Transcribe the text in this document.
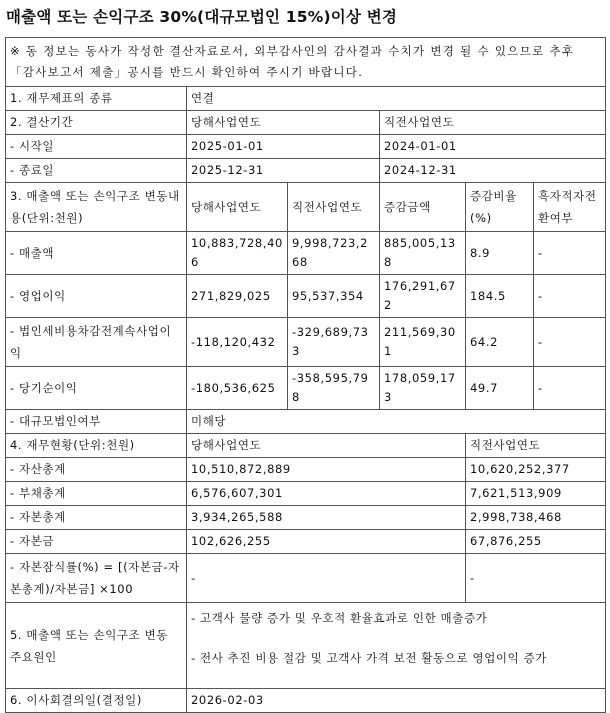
매출액 또는 손익구조 30%(대규모법인 15%)이상 변경
※ 동 정보는 동사가 작성한 결산자료로서, 외부감사인의 감사결과 수치가 변경 될 수 있으므로 추후 「감사보고서 제출」공시를 반드시 확인하여 주시기 바랍니다.					
1. 재무제표의 종류	연결				
2. 결산기간	당해사업연도		직전사업연도		
- 시작일	2025-01-01		2024-01-01		
- 종료일	2025-12-31		2024-12-31		
3. 매출액 또는 손익구조 변동내용(단위:천원)	당해사업연도	직전사업연도	증감금액	증감비율(%)	흑자적자전환여부
- 매출액	10,883,728,406	9,998,723,268	885,005,138	8.9	-
- 영업이익	271,829,025	95,537,354	176,291,672	184.5	-
- 법인세비용차감전계속사업이익	-118,120,432	-329,689,733	211,569,301	64.2	-
- 당기순이익	-180,536,625	-358,595,798	178,059,173	49.7	-
- 대규모법인여부	미해당				
4. 재무현황(단위:천원)	당해사업연도			직전사업연도	
- 자산총계	10,510,872,889			10,620,252,377	
- 부채총계	6,576,607,301			7,621,513,909	
- 자본총계	3,934,265,588			2,998,738,468	
- 자본금	102,626,255			67,876,255	
- 자본잠식률(%) = [(자본금-자본총계)/자본금] ×100	-			-	
5. 매출액 또는 손익구조 변동 주요원인	- 고객사 물량 증가 및 우호적 환율효과로 인한 매출증가
- 전사 추진 비용 절감 및 고객사 가격 보전 활동으로 영업이익 증가				

6. 이사회결의일(결정일)	2026-02-03				
